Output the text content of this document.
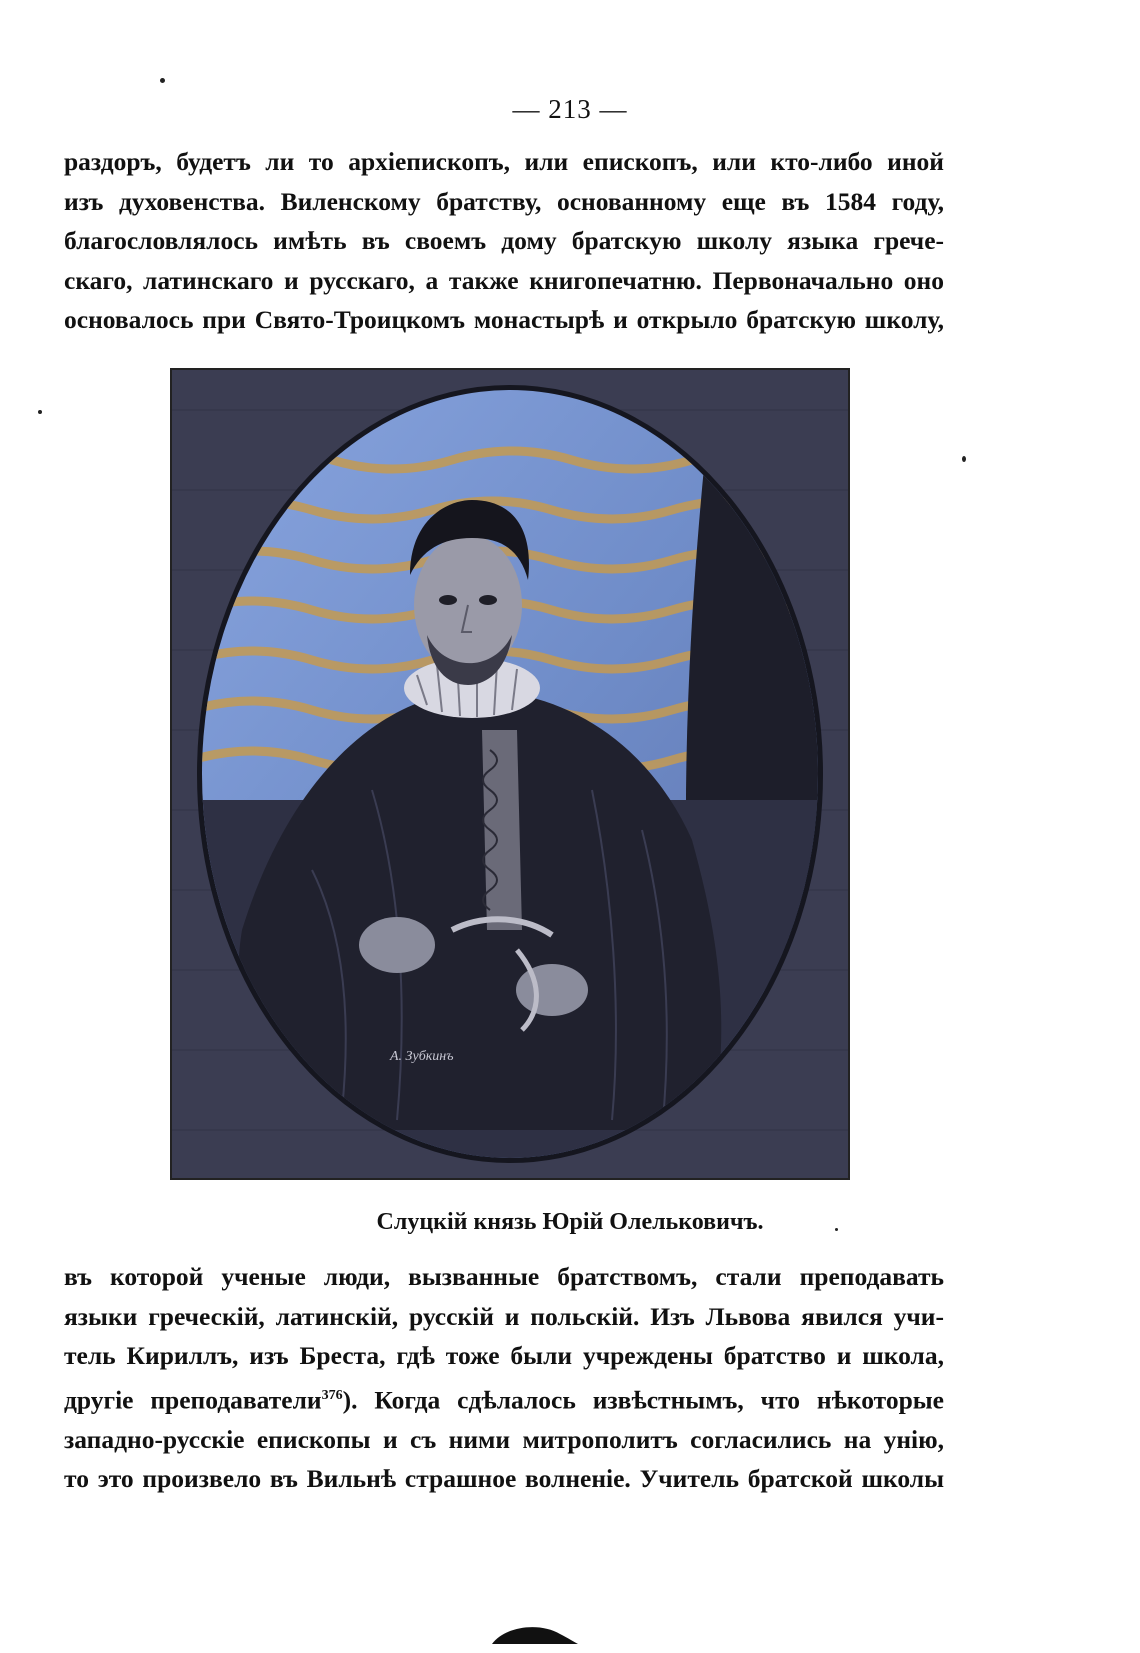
— 213 —
раздоръ, будетъ ли то архіепископъ, или епископъ, или кто-либо иной
изъ духовенства. Виленскому братству, основанному еще въ 1584 году,
благословлялось имѣть въ своемъ дому братскую школу языка грече-
скаго, латинскаго и русскаго, а также книгопечатню. Первоначально оно
основалось при Свято-Троицкомъ монастырѣ и открыло братскую школу,
А. Зубкинъ
Слуцкій князь Юрій Олельковичъ.
въ которой ученые люди, вызванные братствомъ, стали преподавать
языки греческій, латинскій, русскій и польскій. Изъ Львова явился учи-
тель Кириллъ, изъ Бреста, гдѣ тоже были учреждены братство и школа,
другіе преподаватели$^{376}$). Когда сдѣлалось извѣстнымъ, что нѣкоторые
западно-русскіе епископы и съ ними митрополитъ согласились на унію,
то это произвело въ Вильнѣ страшное волненіе. Учитель братской школы
